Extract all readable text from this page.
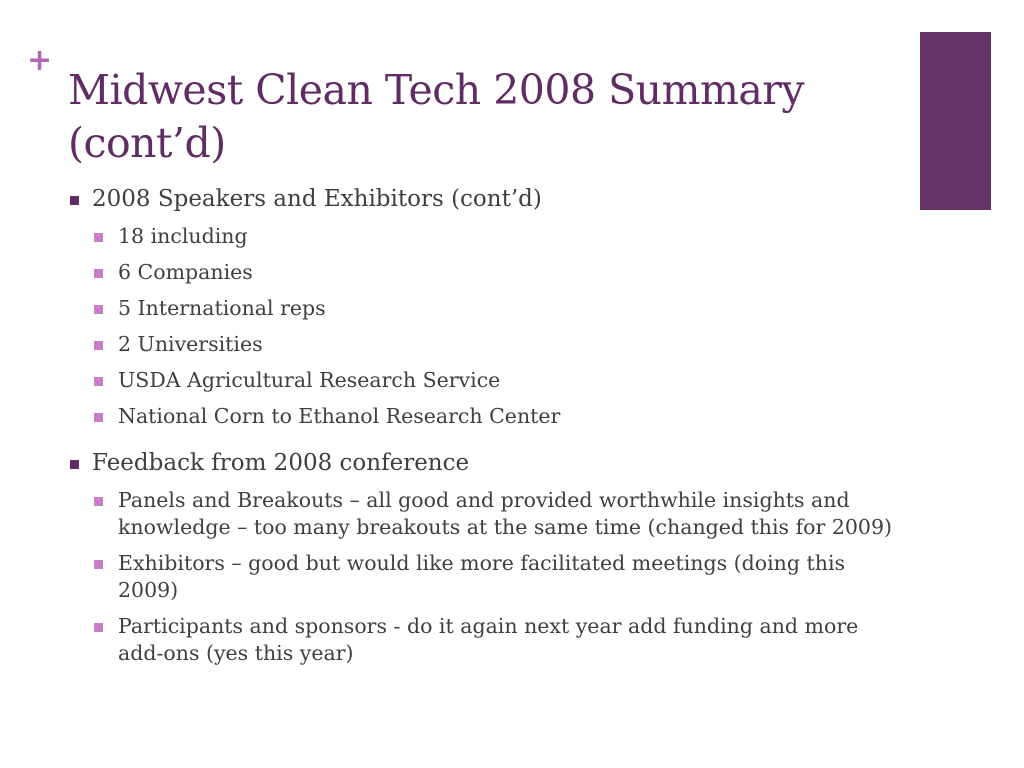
+
Midwest Clean Tech 2008 Summary
(cont’d)
2008 Speakers and Exhibitors (cont’d)
18 including
6 Companies
5 International reps
2 Universities
USDA Agricultural Research Service
National Corn to Ethanol Research Center
Feedback from 2008 conference
Panels and Breakouts – all good and provided worthwhile insights and knowledge – too many breakouts at the same time (changed this for 2009)
Exhibitors – good but would like more facilitated meetings (doing this 2009)
Participants and sponsors - do it again next year add funding and more add-ons (yes this year)
